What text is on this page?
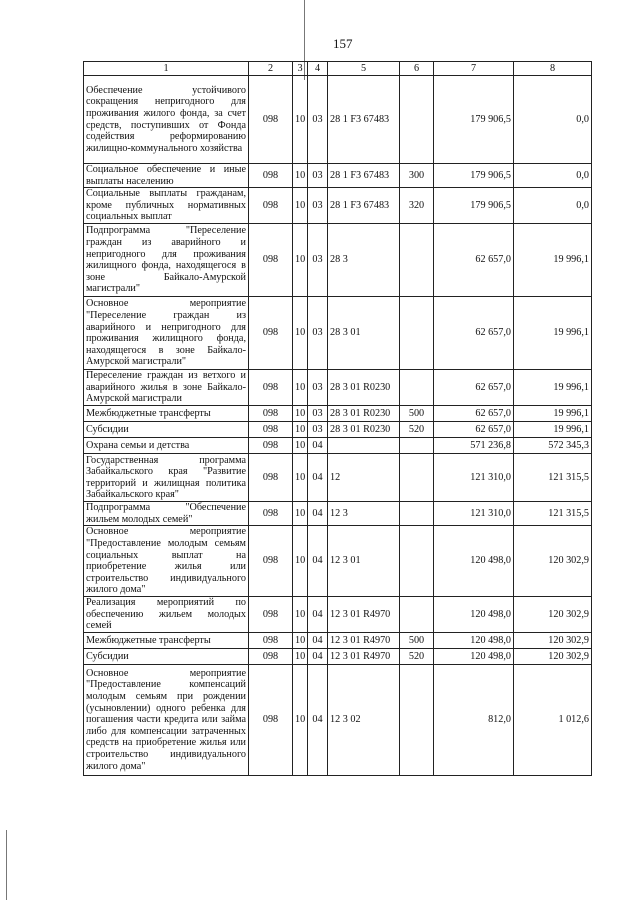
157
1	2	3	4	5	6	7	8
Обеспечение устойчивого сокращения непригодного для проживания жилого фонда, за счет средств, поступивших от Фонда содействия реформированию жилищно-коммунального хозяйства	098	10	03	28 1 F3 67483		179 906,5	0,0
Социальное обеспечение и иные выплаты населению	098	10	03	28 1 F3 67483	300	179 906,5	0,0
Социальные выплаты гражданам, кроме публичных нормативных социальных выплат	098	10	03	28 1 F3 67483	320	179 906,5	0,0
Подпрограмма "Переселение граждан из аварийного и непригодного для проживания жилищного фонда, находящегося в зоне Байкало-Амурской магистрали"	098	10	03	28 3		62 657,0	19 996,1
Основное мероприятие "Переселение граждан из аварийного и непригодного для проживания жилищного фонда, находящегося в зоне Байкало-Амурской магистрали"	098	10	03	28 3 01		62 657,0	19 996,1
Переселение граждан из ветхого и аварийного жилья в зоне Байкало-Амурской магистрали	098	10	03	28 3 01 R0230		62 657,0	19 996,1
Межбюджетные трансферты	098	10	03	28 3 01 R0230	500	62 657,0	19 996,1
Субсидии	098	10	03	28 3 01 R0230	520	62 657,0	19 996,1
Охрана семьи и детства	098	10	04			571 236,8	572 345,3
Государственная программа Забайкальского края "Развитие территорий и жилищная политика Забайкальского края"	098	10	04	12		121 310,0	121 315,5
Подпрограмма "Обеспечение жильем молодых семей"	098	10	04	12 3		121 310,0	121 315,5
Основное мероприятие "Предоставление молодым семьям социальных выплат на приобретение жилья или строительство индивидуального жилого дома"	098	10	04	12 3 01		120 498,0	120 302,9
Реализация мероприятий по обеспечению жильем молодых семей	098	10	04	12 3 01 R4970		120 498,0	120 302,9
Межбюджетные трансферты	098	10	04	12 3 01 R4970	500	120 498,0	120 302,9
Субсидии	098	10	04	12 3 01 R4970	520	120 498,0	120 302,9
Основное мероприятие "Предоставление компенсаций молодым семьям при рождении (усыновлении) одного ребенка для погашения части кредита или займа либо для компенсации затраченных средств на приобретение жилья или строительство индивидуального жилого дома"	098	10	04	12 3 02		812,0	1 012,6
